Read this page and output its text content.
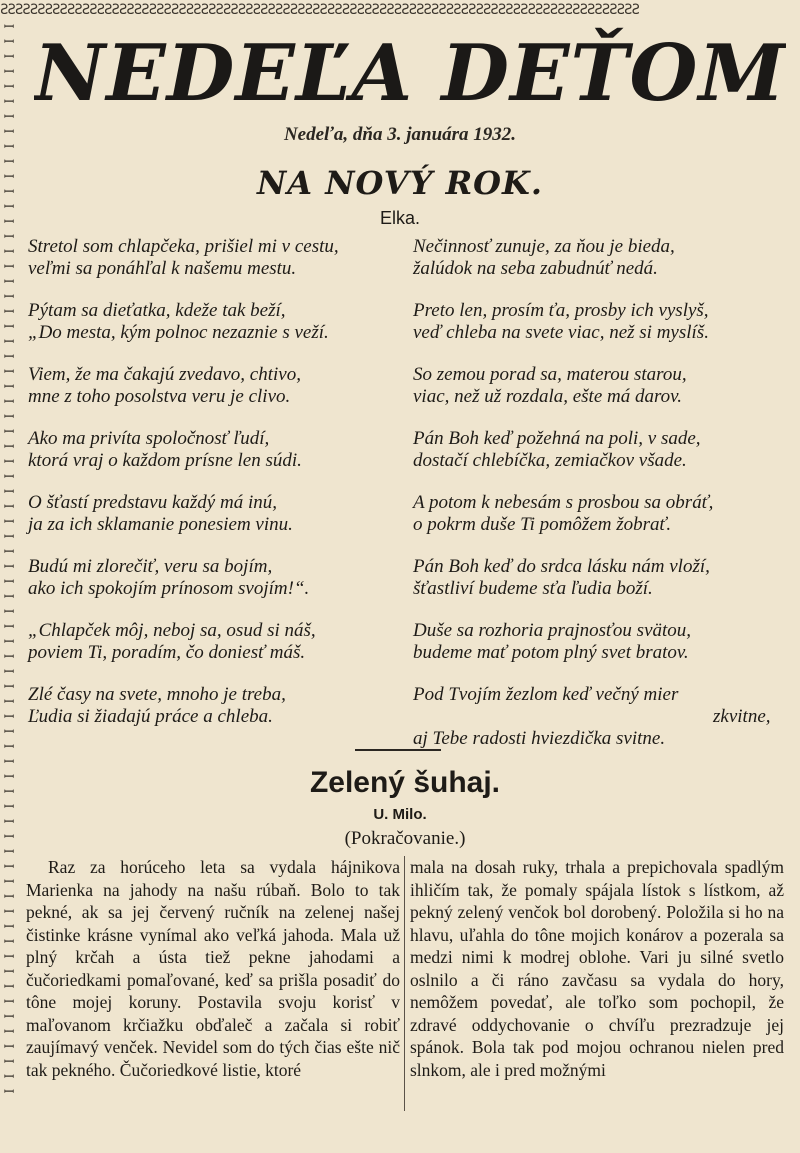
ƧƧƧƧƧƧƧƧƧƧƧƧƧƧƧƧƧƧƧƧƧƧƧƧƧƧƧƧƧƧƧƧƧƧƧƧƧƧƧƧƧƧƧƧƧƧƧƧƧƧƧƧƧƧƧƧƧƧƧƧƧƧƧƧƧƧƧƧƧƧƧƧƧƧƧƧƧƧƧƧƧƧƧƧƧƧ
ꟷꟷꟷꟷꟷꟷꟷꟷꟷꟷꟷꟷꟷꟷꟷꟷꟷꟷꟷꟷꟷꟷꟷꟷꟷꟷꟷꟷꟷꟷꟷꟷꟷꟷꟷꟷꟷꟷꟷꟷꟷꟷꟷꟷꟷꟷꟷꟷꟷꟷꟷꟷꟷꟷꟷꟷꟷꟷꟷꟷꟷꟷꟷꟷꟷꟷꟷꟷꟷꟷꟷꟷ
NEDEĽA DEŤOM
Nedeľa, dňa 3. januára 1932.
NA NOVÝ ROK.
Elka.

Stretol som chlapčeka, prišiel mi v cestu,

veľmi sa ponáhľal k našemu mestu.

Pýtam sa dieťatka, kdeže tak beží,

„Do mesta, kým polnoc nezaznie s veží.

Viem, že ma čakajú zvedavo, chtivo,

mne z toho posolstva veru je clivo.

Ako ma privíta spoločnosť ľudí,

ktorá vraj o každom prísne len súdi.

O šťastí predstavu každý má inú,

ja za ich sklamanie ponesiem vinu.

Budú mi zlorečiť, veru sa bojím,

ako ich spokojím prínosom svojím!“.

„Chlapček môj, neboj sa, osud si náš,

poviem Ti, poradím, čo doniesť máš.

Zlé časy na svete, mnoho je treba,

Ľudia si žiadajú práce a chleba.

Nečinnosť zunuje, za ňou je bieda,

žalúdok na seba zabudnúť nedá.

Preto len, prosím ťa, prosby ich vyslyš,

veď chleba na svete viac, než si myslíš.

So zemou porad sa, materou starou,

viac, než už rozdala, ešte má darov.

Pán Boh keď požehná na poli, v sade,

dostačí chlebíčka, zemiačkov všade.

A potom k nebesám s prosbou sa obráť,

o pokrm duše Ti pomôžem žobrať.

Pán Boh keď do srdca lásku nám vloží,

šťastliví budeme sťa ľudia boží.

Duše sa rozhoria prajnosťou svätou,

budeme mať potom plný svet bratov.

Pod Tvojím žezlom keď večný mier

zkvitne,

aj Tebe radosti hviezdička svitne.

Zelený šuhaj.
U. Milo.
(Pokračovanie.)

Raz za horúceho leta sa vydala hájnikova Marienka na jahody na našu rúbaň. Bolo to tak pekné, ak sa jej červený ručník na zelenej našej čistinke krásne vynímal ako veľká jahoda. Mala už plný krčah a ústa tiež pekne jahodami a čučoriedkami pomaľované, keď sa prišla posadiť do tône mojej koruny. Postavila svoju korisť v maľovanom krčiažku obďaleč a začala si robiť zaujímavý venček. Nevidel som do tých čias ešte nič tak pekného. Čučoriedkové listie, ktoré

mala na dosah ruky, trhala a prepichovala spadlým ihličím tak, že pomaly spájala lístok s lístkom, až pekný zelený venčok bol dorobený. Položila si ho na hlavu, uľahla do tône mojich konárov a pozerala sa medzi nimi k modrej oblohe. Vari ju silné svetlo oslnilo a či ráno zavčasu sa vydala do hory, nemôžem povedať, ale toľko som pochopil, že zdravé oddychovanie o chvíľu prezradzuje jej spánok. Bola tak pod mojou ochranou nielen pred slnkom, ale i pred možnými
